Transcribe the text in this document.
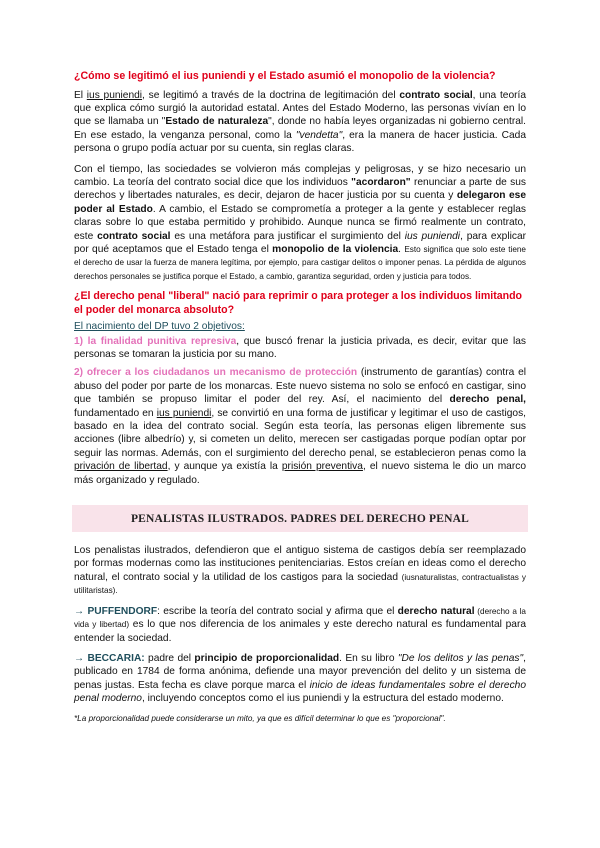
¿Cómo se legitimó el ius puniendi y el Estado asumió el monopolio de la violencia?

El ius puniendi, se legitimó a través de la doctrina de legitimación del contrato social, una teoría que explica cómo surgió la autoridad estatal. Antes del Estado Moderno, las personas vivían en lo que se llamaba un "Estado de naturaleza", donde no había leyes organizadas ni gobierno central. En ese estado, la venganza personal, como la "vendetta", era la manera de hacer justicia. Cada persona o grupo podía actuar por su cuenta, sin reglas claras.

Con el tiempo, las sociedades se volvieron más complejas y peligrosas, y se hizo necesario un cambio. La teoría del contrato social dice que los individuos "acordaron" renunciar a parte de sus derechos y libertades naturales, es decir, dejaron de hacer justicia por su cuenta y delegaron ese poder al Estado. A cambio, el Estado se comprometía a proteger a la gente y establecer reglas claras sobre lo que estaba permitido y prohibido. Aunque nunca se firmó realmente un contrato, este contrato social es una metáfora para justificar el surgimiento del ius puniendi, para explicar por qué aceptamos que el Estado tenga el monopolio de la violencia. Esto significa que solo este tiene el derecho de usar la fuerza de manera legítima, por ejemplo, para castigar delitos o imponer penas. La pérdida de algunos derechos personales se justifica porque el Estado, a cambio, garantiza seguridad, orden y justicia para todos.

¿El derecho penal "liberal" nació para reprimir o para proteger a los individuos limitando el poder del monarca absoluto?
El nacimiento del DP tuvo 2 objetivos:

1) la finalidad punitiva represiva, que buscó frenar la justicia privada, es decir, evitar que las personas se tomaran la justicia por su mano.

2) ofrecer a los ciudadanos un mecanismo de protección (instrumento de garantías) contra el abuso del poder por parte de los monarcas. Este nuevo sistema no solo se enfocó en castigar, sino que también se propuso limitar el poder del rey. Así, el nacimiento del derecho penal, fundamentado en ius puniendi, se convirtió en una forma de justificar y legitimar el uso de castigos, basado en la idea del contrato social. Según esta teoría, las personas eligen libremente sus acciones (libre albedrío) y, si cometen un delito, merecen ser castigadas porque podían optar por seguir las normas. Además, con el surgimiento del derecho penal, se establecieron penas como la privación de libertad, y aunque ya existía la prisión preventiva, el nuevo sistema le dio un marco más organizado y regulado.

PENALISTAS ILUSTRADOS. PADRES DEL DERECHO PENAL

Los penalistas ilustrados, defendieron que el antiguo sistema de castigos debía ser reemplazado por formas modernas como las instituciones penitenciarias. Estos creían en ideas como el derecho natural, el contrato social y la utilidad de los castigos para la sociedad (iusnaturalistas, contractualistas y utilitaristas).

→ PUFFENDORF: escribe la teoría del contrato social y afirma que el derecho natural (derecho a la vida y libertad) es lo que nos diferencia de los animales y este derecho natural es fundamental para entender la sociedad.

→ BECCARIA: padre del principio de proporcionalidad. En su libro "De los delitos y las penas", publicado en 1784 de forma anónima, defiende una mayor prevención del delito y un sistema de penas justas. Esta fecha es clave porque marca el inicio de ideas fundamentales sobre el derecho penal moderno, incluyendo conceptos como el ius puniendi y la estructura del estado moderno.

*La proporcionalidad puede considerarse un mito, ya que es difícil determinar lo que es "proporcional".
